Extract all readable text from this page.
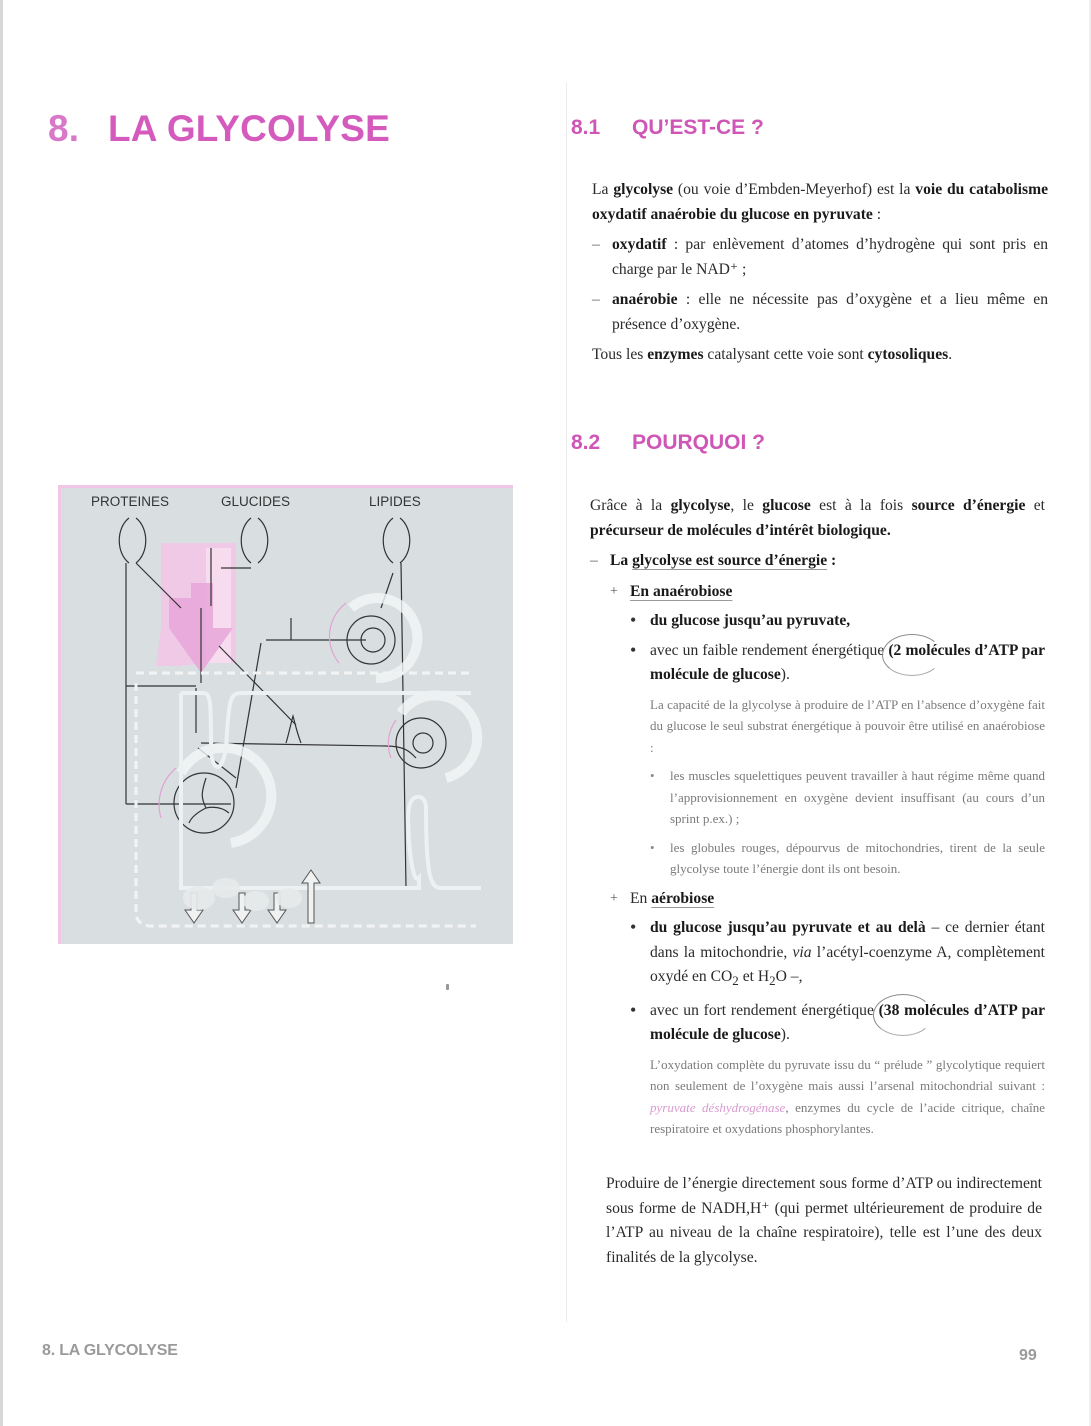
8. LA GLYCOLYSE	8.1 QU’EST-CE ?

La glycolyse (ou voie d’Embden-Meyerhof) est la voie du catabolisme oxydatif anaérobie du glucose en pyruvate :

– oxydatif : par enlèvement d’atomes d’hydrogène qui sont pris en charge par le NAD⁺ ;
– anaérobie : elle ne nécessite pas d’oxygène et a lieu même en présence d’oxygène.

Tous les enzymes catalysant cette voie sont cytosoliques.

8.2 POURQUOI ?

Grâce à la glycolyse, le glucose est à la fois source d’énergie et précurseur de molécules d’intérêt biologique.

– La glycolyse est source d’énergie :
+ En anaérobiose
• du glucose jusqu’au pyruvate,
• avec un faible rendement énergétique (2 molécules d’ATP par molécule de glucose).

La capacité de la glycolyse à produire de l’ATP en l’absence d’oxygène fait du glucose le seul substrat énergétique à pouvoir être utilisé en anaérobiose :

• les muscles squelettiques peuvent travailler à haut régime même quand l’approvisionnement en oxygène devient insuffisant (au cours d’un sprint p.ex.) ;
• les globules rouges, dépourvus de mitochondries, tirent de la seule glycolyse toute l’énergie dont ils ont besoin.
+ En aérobiose
• du glucose jusqu’au pyruvate et au delà – ce dernier étant dans la mitochondrie, via l’acétyl-coenzyme A, complètement oxydé en $CO_2$ et $H_2O$ –,
• avec un fort rendement énergétique (38 molécules d’ATP par molécule de glucose).

L’oxydation complète du pyruvate issu du “ prélude ” glycolytique requiert non seulement de l’oxygène mais aussi l’arsenal mitochondrial suivant : pyruvate déshydrogénase, enzymes du cycle de l’acide citrique, chaîne respiratoire et oxydations phosphorylantes.

Produire de l’énergie directement sous forme d’ATP ou indirectement sous forme de NADH,H⁺ (qui permet ultérieurement de produire de l’ATP au niveau de la chaîne respiratoire), telle est l’une des deux finalités de la glycolyse.

PROTEINES	GLUCIDES	LIPIDES
8. LA GLYCOLYSE	99
